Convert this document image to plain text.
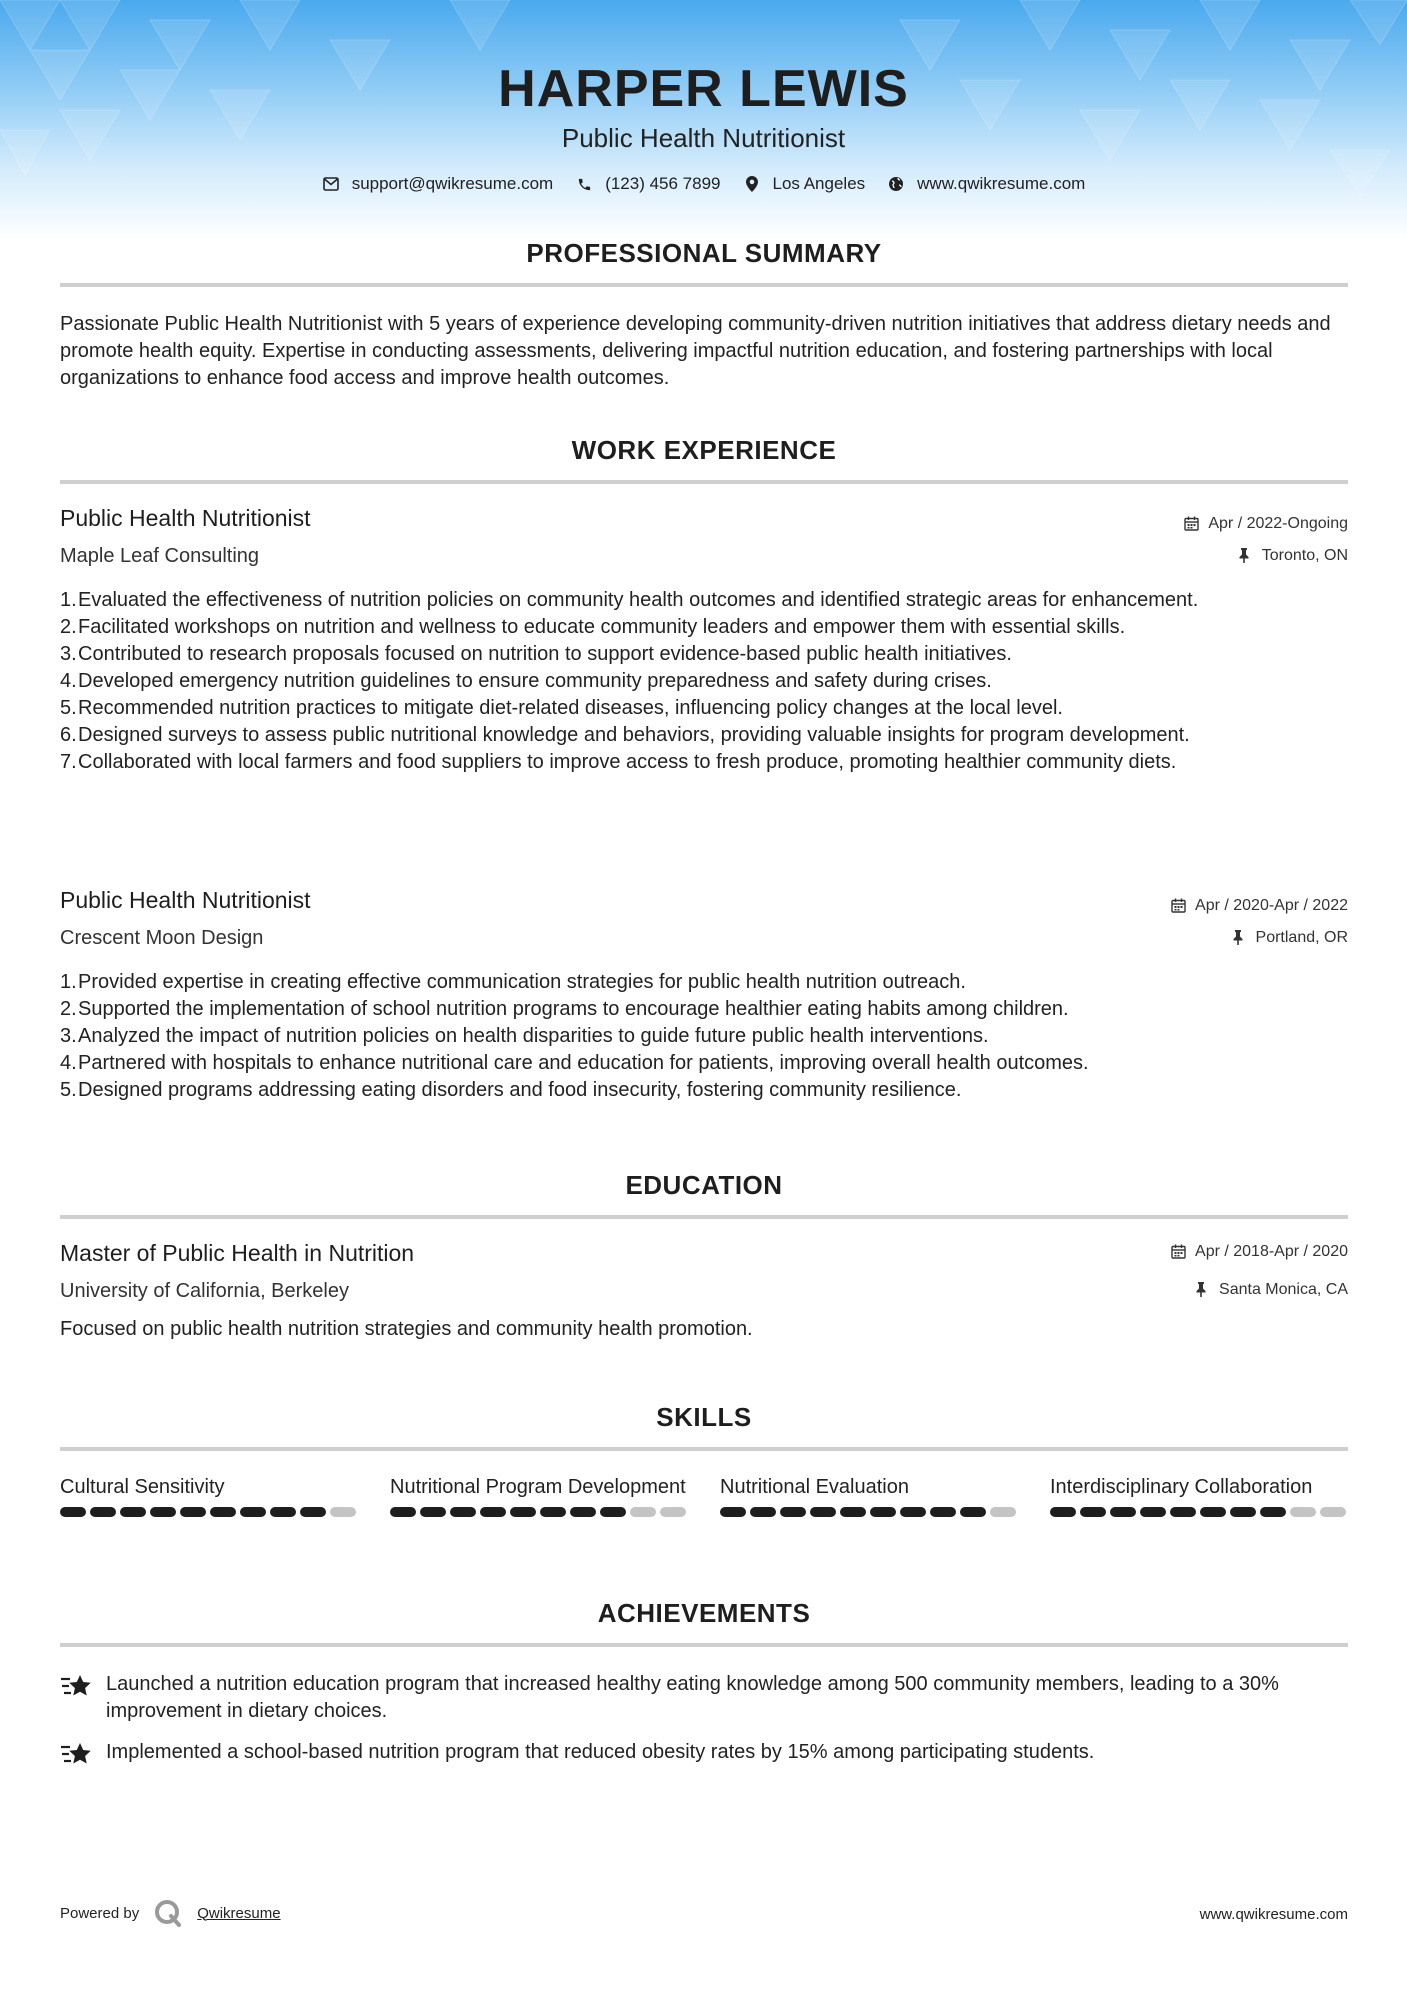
HARPER LEWIS
Public Health Nutritionist
support@qwikresume.com	(123) 456 7899	Los Angeles	www.qwikresume.com
PROFESSIONAL SUMMARY
Passionate Public Health Nutritionist with 5 years of experience developing community-driven nutrition initiatives that address dietary needs and promote health equity. Expertise in conducting assessments, delivering impactful nutrition education, and fostering partnerships with local organizations to enhance food access and improve health outcomes.
WORK EXPERIENCE
Public Health Nutritionist	Apr / 2022-Ongoing
Maple Leaf Consulting	Toronto, ON
Evaluated the effectiveness of nutrition policies on community health outcomes and identified strategic areas for enhancement.
Facilitated workshops on nutrition and wellness to educate community leaders and empower them with essential skills.
Contributed to research proposals focused on nutrition to support evidence-based public health initiatives.
Developed emergency nutrition guidelines to ensure community preparedness and safety during crises.
Recommended nutrition practices to mitigate diet-related diseases, influencing policy changes at the local level.
Designed surveys to assess public nutritional knowledge and behaviors, providing valuable insights for program development.
Collaborated with local farmers and food suppliers to improve access to fresh produce, promoting healthier community diets.
Public Health Nutritionist	Apr / 2020-Apr / 2022
Crescent Moon Design	Portland, OR
Provided expertise in creating effective communication strategies for public health nutrition outreach.
Supported the implementation of school nutrition programs to encourage healthier eating habits among children.
Analyzed the impact of nutrition policies on health disparities to guide future public health interventions.
Partnered with hospitals to enhance nutritional care and education for patients, improving overall health outcomes.
Designed programs addressing eating disorders and food insecurity, fostering community resilience.
EDUCATION
Master of Public Health in Nutrition	Apr / 2018-Apr / 2020
University of California, Berkeley	Santa Monica, CA
Focused on public health nutrition strategies and community health promotion.
SKILLS
Cultural Sensitivity	Nutritional Program Development Nutritional Evaluation	Interdisciplinary Collaboration
ACHIEVEMENTS
Launched a nutrition education program that increased healthy eating knowledge among 500 community members, leading to a 30% improvement in dietary choices.
Implemented a school-based nutrition program that reduced obesity rates by 15% among participating students.
Powered by	Qwikresume	www.qwikresume.com
